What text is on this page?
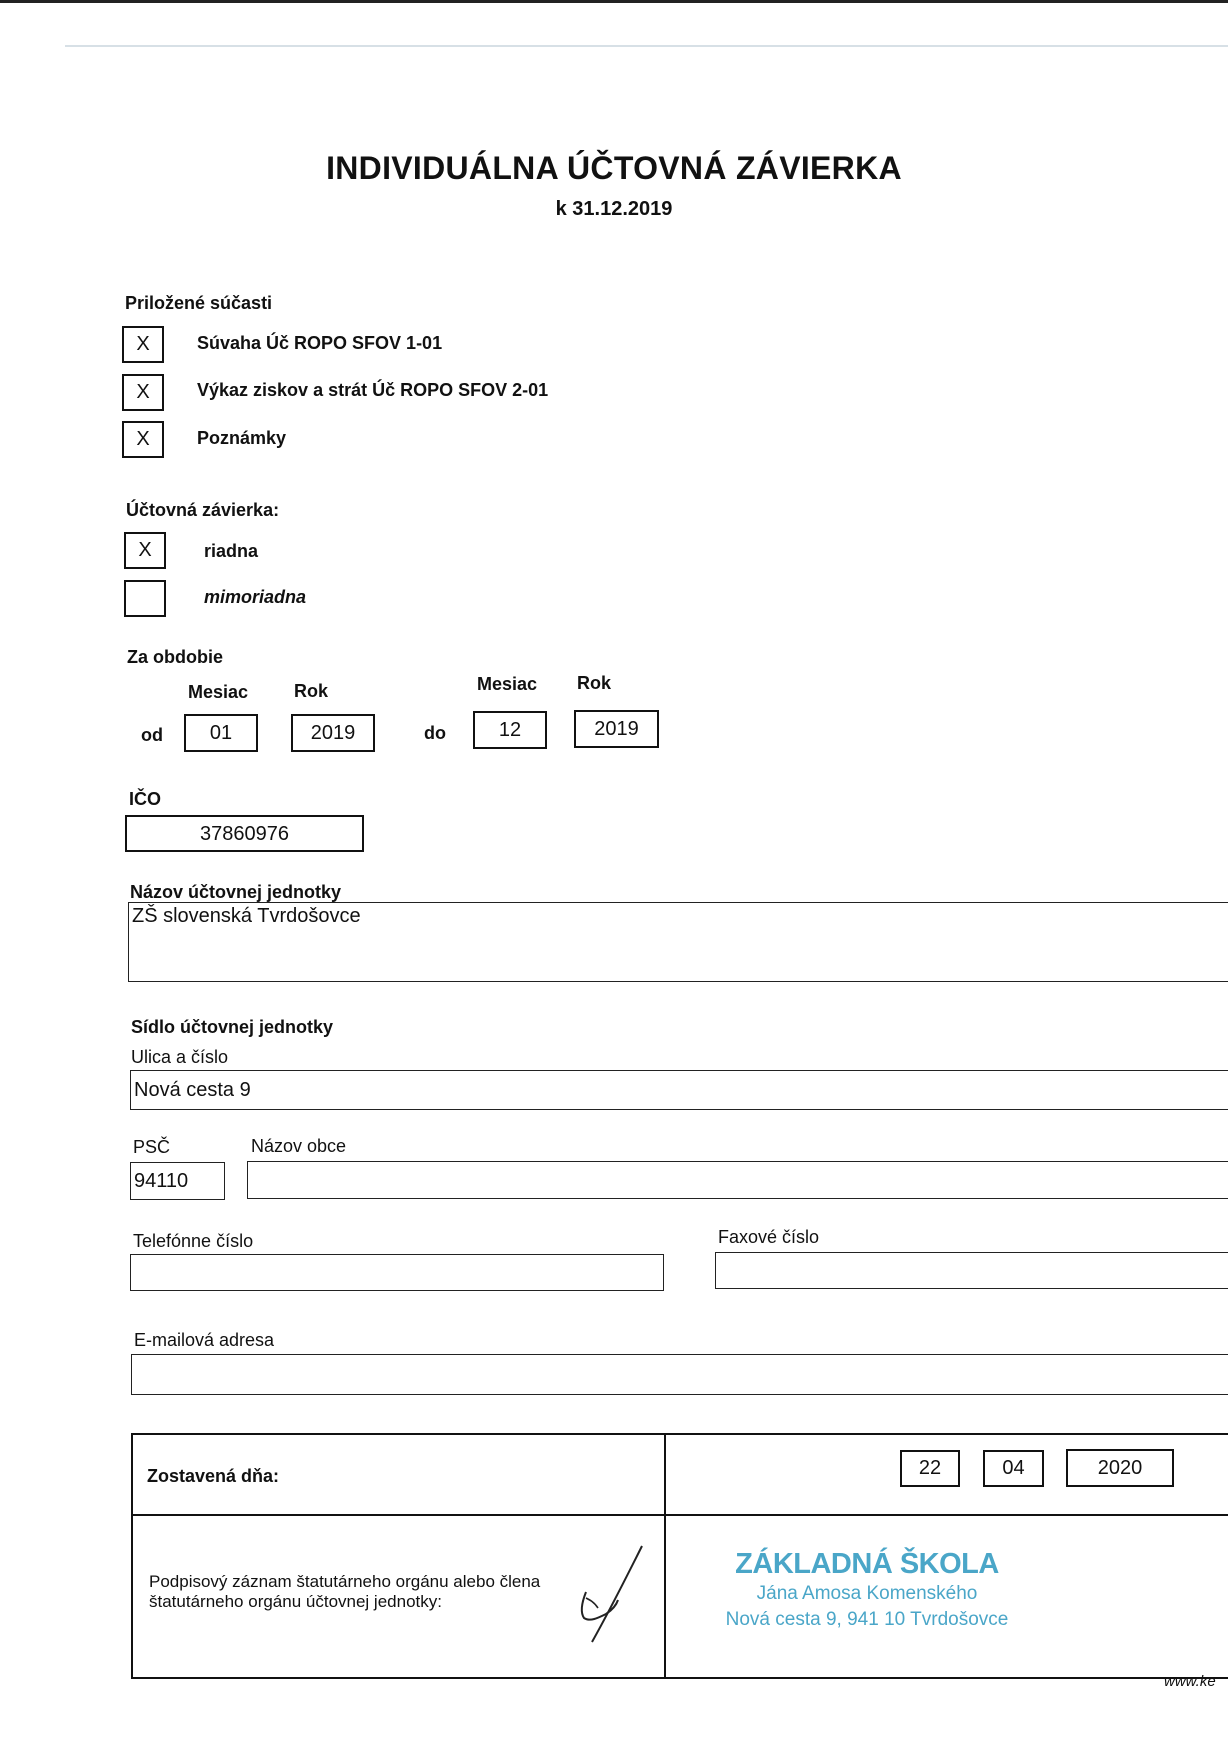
INDIVIDUÁLNA ÚČTOVNÁ ZÁVIERKA
k 31.12.2019
Priložené súčasti
X	Súvaha Úč ROPO SFOV 1-01
X	Výkaz ziskov a strát Úč ROPO SFOV 2-01
X	Poznámky
Účtovná závierka:
X	riadna
mimoriadna
Za obdobie
Mesiac	Rok	Mesiac Rok
od	01	2019	do	12	2019
IČO
37860976
Názov účtovnej jednotky
ZŠ slovenská Tvrdošovce
Sídlo účtovnej jednotky
Ulica a číslo
Nová cesta 9
PSČ	Názov obce
94110
Telefónne číslo	Faxové číslo
E-mailová adresa
Zostavená dňa:	22	04	2020
Podpisový záznam štatutárneho orgánu alebo člena
štatutárneho orgánu účtovnej jednotky:
ZÁKLADNÁ ŠKOLA
Jána Amosa Komenského
Nová cesta 9, 941 10 Tvrdošovce
www.ke
